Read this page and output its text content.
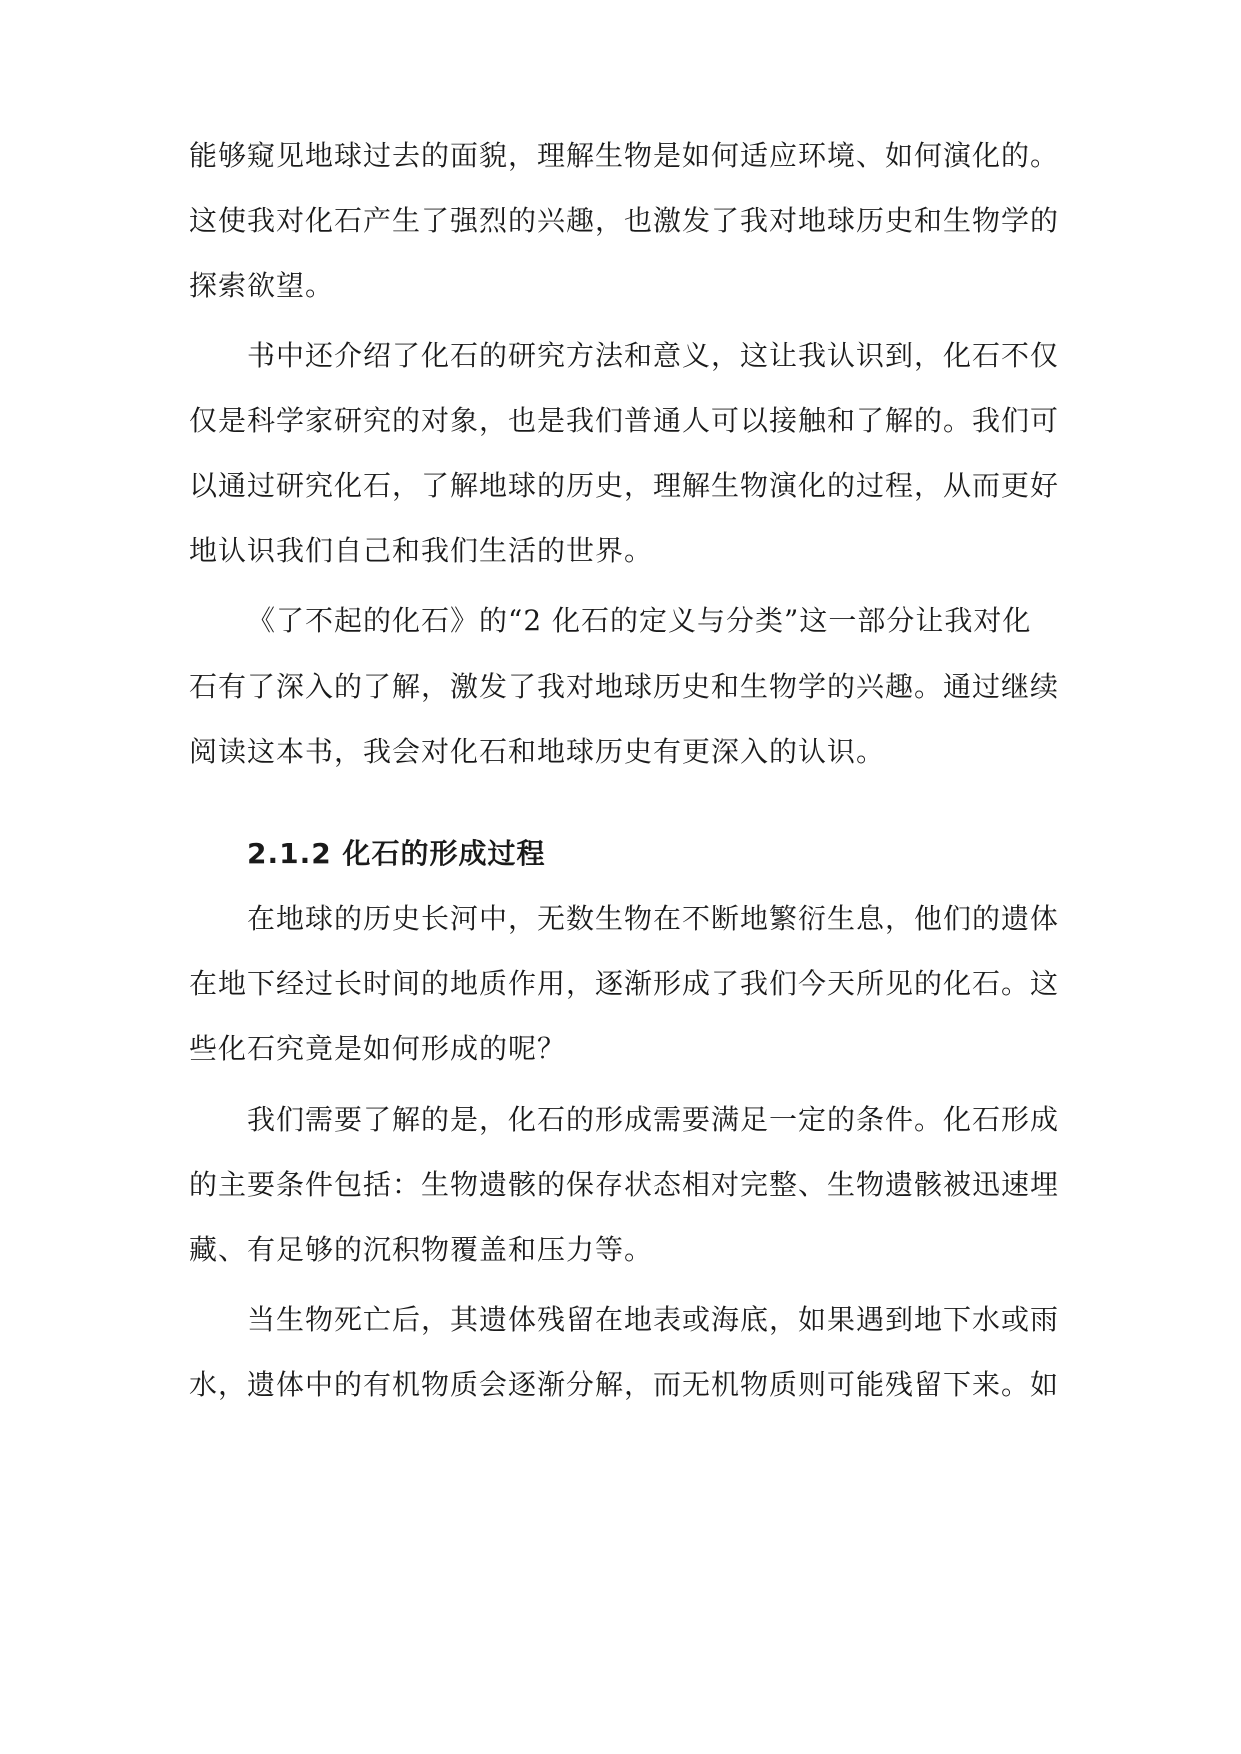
能够窥见地球过去的面貌，理解生物是如何适应环境、如何演化的。
这使我对化石产生了强烈的兴趣，也激发了我对地球历史和生物学的
探索欲望。
书中还介绍了化石的研究方法和意义，这让我认识到，化石不仅
仅是科学家研究的对象，也是我们普通人可以接触和了解的。我们可
以通过研究化石，了解地球的历史，理解生物演化的过程，从而更好
地认识我们自己和我们生活的世界。
《了不起的化石》的“2 化石的定义与分类”这一部分让我对化
石有了深入的了解，激发了我对地球历史和生物学的兴趣。通过继续
阅读这本书，我会对化石和地球历史有更深入的认识。
2.1.2 化石的形成过程
在地球的历史长河中，无数生物在不断地繁衍生息，他们的遗体
在地下经过长时间的地质作用，逐渐形成了我们今天所见的化石。这
些化石究竟是如何形成的呢？
我们需要了解的是，化石的形成需要满足一定的条件。化石形成
的主要条件包括：生物遗骸的保存状态相对完整、生物遗骸被迅速埋
藏、有足够的沉积物覆盖和压力等。
当生物死亡后，其遗体残留在地表或海底，如果遇到地下水或雨
水，遗体中的有机物质会逐渐分解，而无机物质则可能残留下来。如
